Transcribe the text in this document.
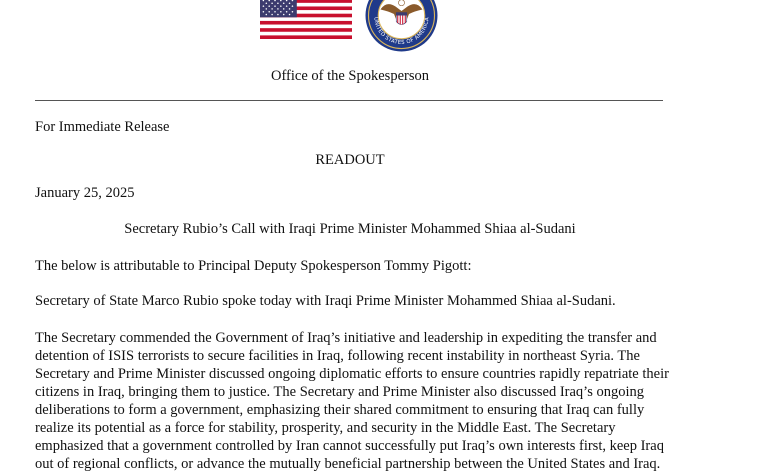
UNITED STATES OF AMERICA
Office of the Spokesperson
For Immediate Release
READOUT
January 25, 2025
Secretary Rubio’s Call with Iraqi Prime Minister Mohammed Shiaa al-Sudani
The below is attributable to Principal Deputy Spokesperson Tommy Pigott:
Secretary of State Marco Rubio spoke today with Iraqi Prime Minister Mohammed Shiaa al-Sudani.
The Secretary commended the Government of Iraq’s initiative and leadership in expediting the transfer and
detention of ISIS terrorists to secure facilities in Iraq, following recent instability in northeast Syria. The
Secretary and Prime Minister discussed ongoing diplomatic efforts to ensure countries rapidly repatriate their
citizens in Iraq, bringing them to justice. The Secretary and Prime Minister also discussed Iraq’s ongoing
deliberations to form a government, emphasizing their shared commitment to ensuring that Iraq can fully
realize its potential as a force for stability, prosperity, and security in the Middle East. The Secretary
emphasized that a government controlled by Iran cannot successfully put Iraq’s own interests first, keep Iraq
out of regional conflicts, or advance the mutually beneficial partnership between the United States and Iraq.
